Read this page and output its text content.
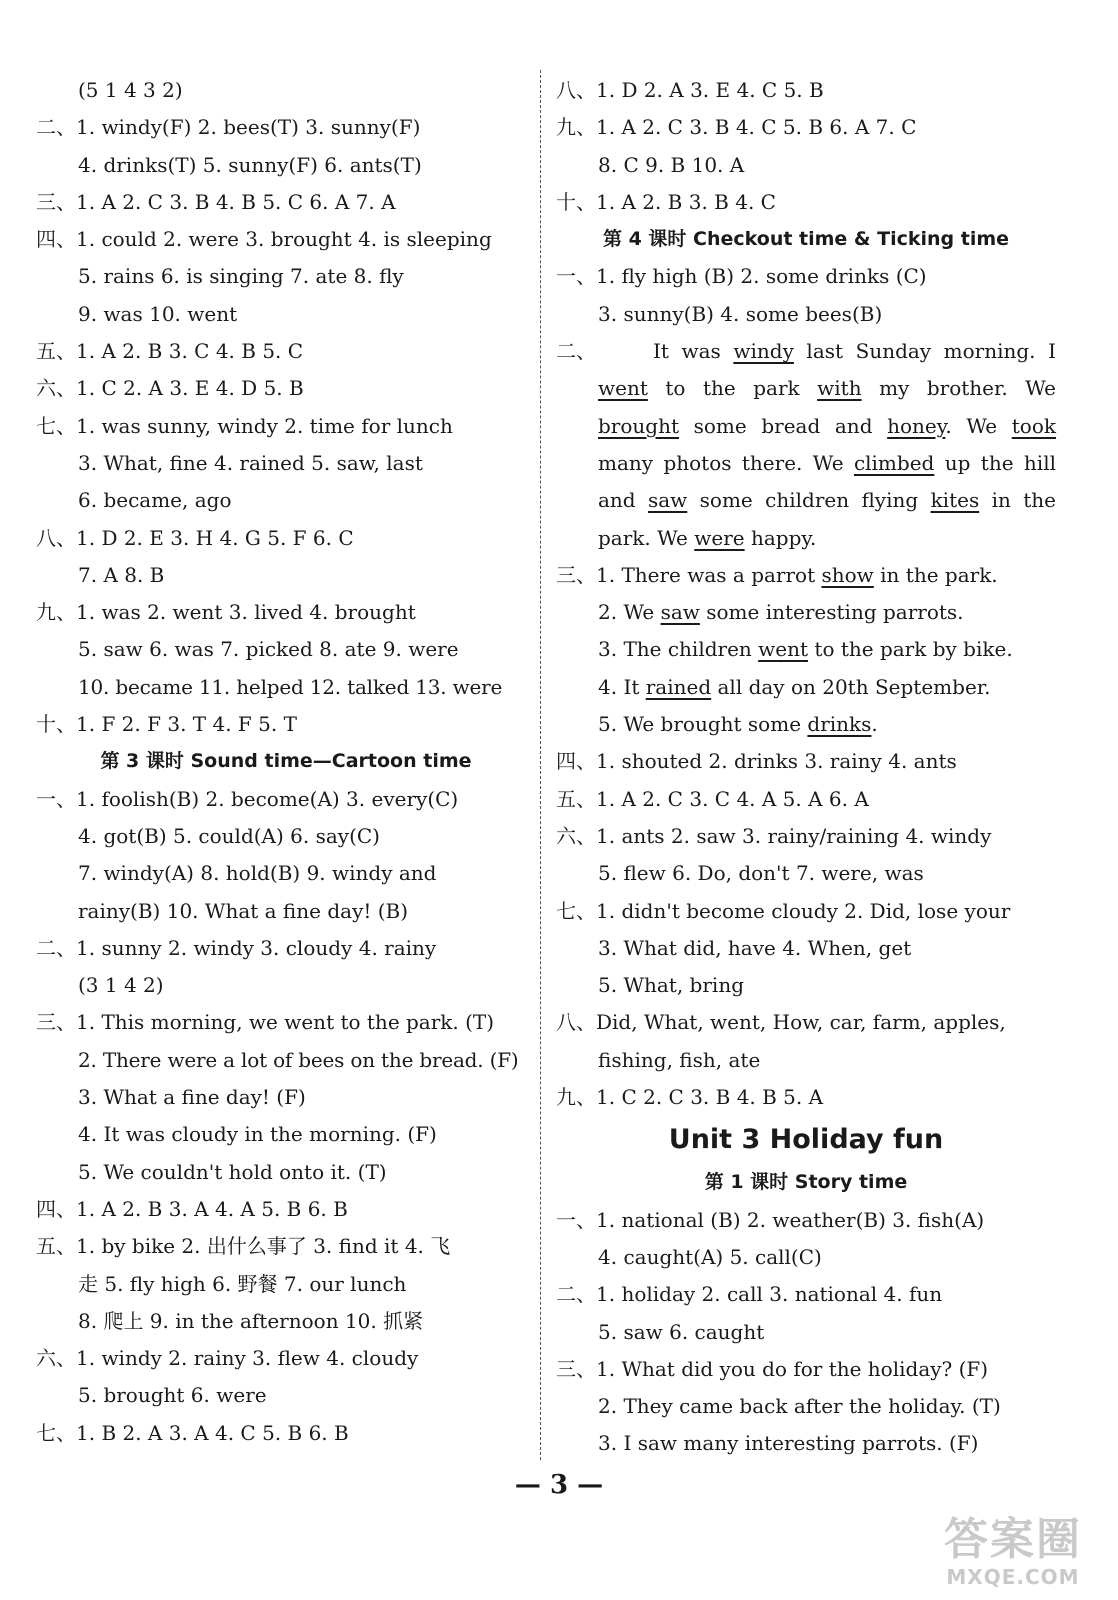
(5 1 4 3 2)
二、1. windy(F) 2. bees(T) 3. sunny(F)
4. drinks(T) 5. sunny(F) 6. ants(T)
三、1. A 2. C 3. B 4. B 5. C 6. A 7. A
四、1. could 2. were 3. brought 4. is sleeping
5. rains 6. is singing 7. ate 8. fly
9. was 10. went
五、1. A 2. B 3. C 4. B 5. C
六、1. C 2. A 3. E 4. D 5. B
七、1. was sunny, windy 2. time for lunch
3. What, fine 4. rained 5. saw, last
6. became, ago
八、1. D 2. E 3. H 4. G 5. F 6. C
7. A 8. B
九、1. was 2. went 3. lived 4. brought
5. saw 6. was 7. picked 8. ate 9. were
10. became 11. helped 12. talked 13. were
十、1. F 2. F 3. T 4. F 5. T
第 3 课时 Sound time—Cartoon time
一、1. foolish(B) 2. become(A) 3. every(C)
4. got(B) 5. could(A) 6. say(C)
7. windy(A) 8. hold(B) 9. windy and
rainy(B) 10. What a fine day! (B)
二、1. sunny 2. windy 3. cloudy 4. rainy
(3 1 4 2)
三、1. This morning, we went to the park. (T)
2. There were a lot of bees on the bread. (F)
3. What a fine day! (F)
4. It was cloudy in the morning. (F)
5. We couldn't hold onto it. (T)
四、1. A 2. B 3. A 4. A 5. B 6. B
五、1. by bike 2. 出什么事了 3. find it 4. 飞
走 5. fly high 6. 野餐 7. our lunch
8. 爬上 9. in the afternoon 10. 抓紧
六、1. windy 2. rainy 3. flew 4. cloudy
5. brought 6. were
七、1. B 2. A 3. A 4. C 5. B 6. B
八、1. D 2. A 3. E 4. C 5. B
九、1. A 2. C 3. B 4. C 5. B 6. A 7. C
8. C 9. B 10. A
十、1. A 2. B 3. B 4. C
第 4 课时 Checkout time & Ticking time
一、1. fly high (B) 2. some drinks (C)
3. sunny(B) 4. some bees(B)
二、	It was windy last Sunday morning. I went to the park with my brother. We brought some bread and honey. We took many photos there. We climbed up the hill and saw some children flying kites in the park. We were happy.
三、1. There was a parrot show in the park.
2. We saw some interesting parrots.
3. The children went to the park by bike.
4. It rained all day on 20th September.
5. We brought some drinks.
四、1. shouted 2. drinks 3. rainy 4. ants
五、1. A 2. C 3. C 4. A 5. A 6. A
六、1. ants 2. saw 3. rainy/raining 4. windy
5. flew 6. Do, don't 7. were, was
七、1. didn't become cloudy 2. Did, lose your
3. What did, have 4. When, get
5. What, bring
八、Did, What, went, How, car, farm, apples,
fishing, fish, ate
九、1. C 2. C 3. B 4. B 5. A
Unit 3 Holiday fun
第 1 课时 Story time
一、1. national (B) 2. weather(B) 3. fish(A)
4. caught(A) 5. call(C)
二、1. holiday 2. call 3. national 4. fun
5. saw 6. caught
三、1. What did you do for the holiday? (F)
2. They came back after the holiday. (T)
3. I saw many interesting parrots. (F)
— 3 —
答案圈
MXQE.COM
